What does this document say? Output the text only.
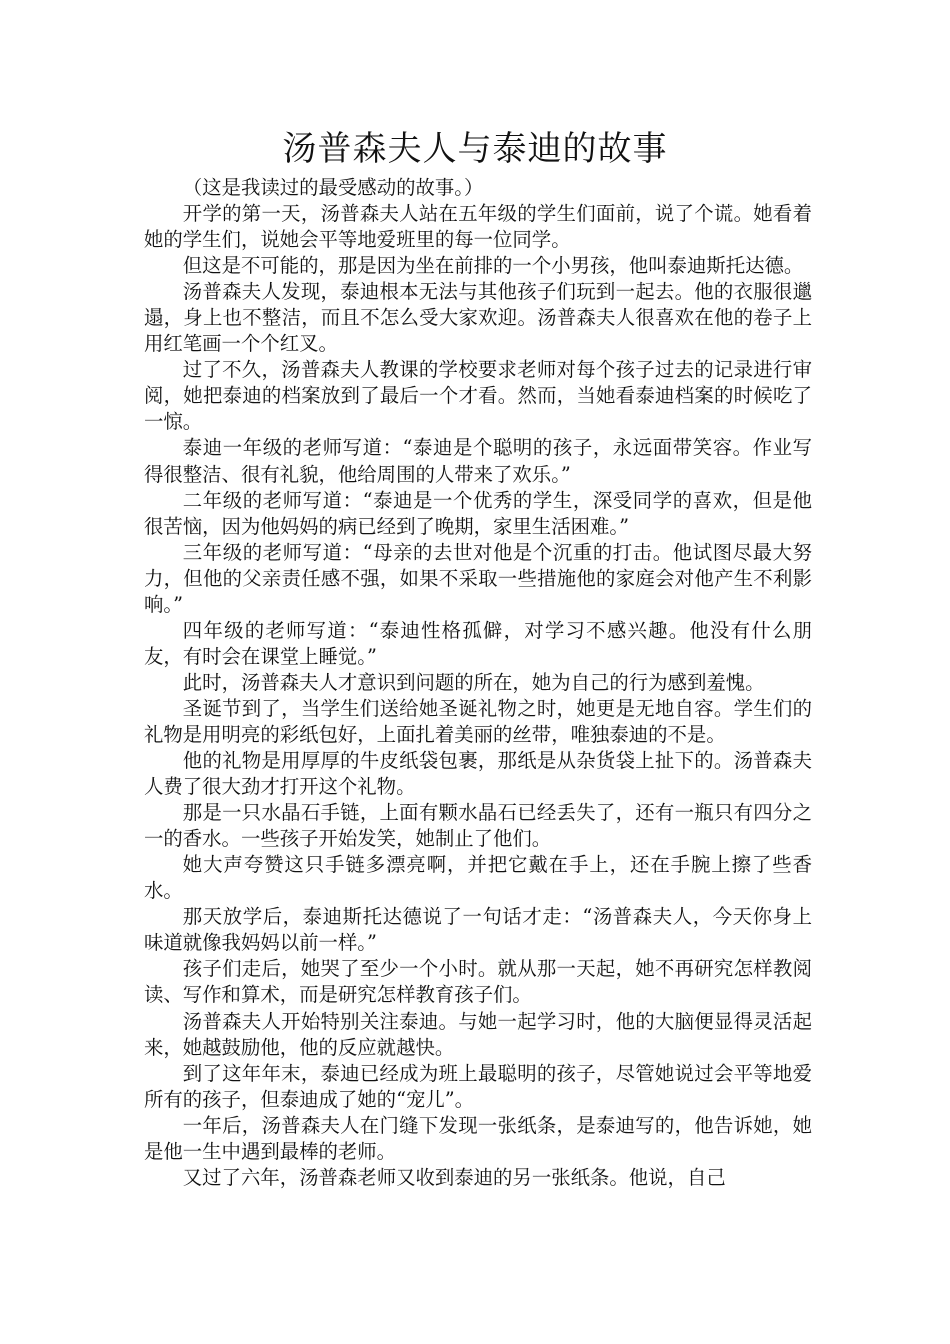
汤普森夫人与泰迪的故事

（这是我读过的最受感动的故事。）

开学的第一天，汤普森夫人站在五年级的学生们面前，说了个谎。她看着她的学生们，说她会平等地爱班里的每一位同学。

但这是不可能的，那是因为坐在前排的一个小男孩，他叫泰迪斯托达德。

汤普森夫人发现，泰迪根本无法与其他孩子们玩到一起去。他的衣服很邋遢，身上也不整洁，而且不怎么受大家欢迎。汤普森夫人很喜欢在他的卷子上用红笔画一个个红叉。

过了不久，汤普森夫人教课的学校要求老师对每个孩子过去的记录进行审阅，她把泰迪的档案放到了最后一个才看。然而，当她看泰迪档案的时候吃了一惊。

泰迪一年级的老师写道：“泰迪是个聪明的孩子，永远面带笑容。作业写得很整洁、很有礼貌，他给周围的人带来了欢乐。”

二年级的老师写道：“泰迪是一个优秀的学生，深受同学的喜欢，但是他很苦恼，因为他妈妈的病已经到了晚期，家里生活困难。”

三年级的老师写道：“母亲的去世对他是个沉重的打击。他试图尽最大努力，但他的父亲责任感不强，如果不采取一些措施他的家庭会对他产生不利影响。”

四年级的老师写道：“泰迪性格孤僻，对学习不感兴趣。他没有什么朋友，有时会在课堂上睡觉。”

此时，汤普森夫人才意识到问题的所在，她为自己的行为感到羞愧。

圣诞节到了，当学生们送给她圣诞礼物之时，她更是无地自容。学生们的礼物是用明亮的彩纸包好，上面扎着美丽的丝带，唯独泰迪的不是。

他的礼物是用厚厚的牛皮纸袋包裹，那纸是从杂货袋上扯下的。汤普森夫人费了很大劲才打开这个礼物。

那是一只水晶石手链，上面有颗水晶石已经丢失了，还有一瓶只有四分之一的香水。一些孩子开始发笑，她制止了他们。

她大声夸赞这只手链多漂亮啊，并把它戴在手上，还在手腕上擦了些香水。

那天放学后，泰迪斯托达德说了一句话才走：“汤普森夫人，今天你身上味道就像我妈妈以前一样。”

孩子们走后，她哭了至少一个小时。就从那一天起，她不再研究怎样教阅读、写作和算术，而是研究怎样教育孩子们。

汤普森夫人开始特别关注泰迪。与她一起学习时，他的大脑便显得灵活起来，她越鼓励他，他的反应就越快。

到了这年年末，泰迪已经成为班上最聪明的孩子，尽管她说过会平等地爱所有的孩子，但泰迪成了她的“宠儿”。

一年后，汤普森夫人在门缝下发现一张纸条，是泰迪写的，他告诉她，她是他一生中遇到最棒的老师。

又过了六年，汤普森老师又收到泰迪的另一张纸条。他说，自己
